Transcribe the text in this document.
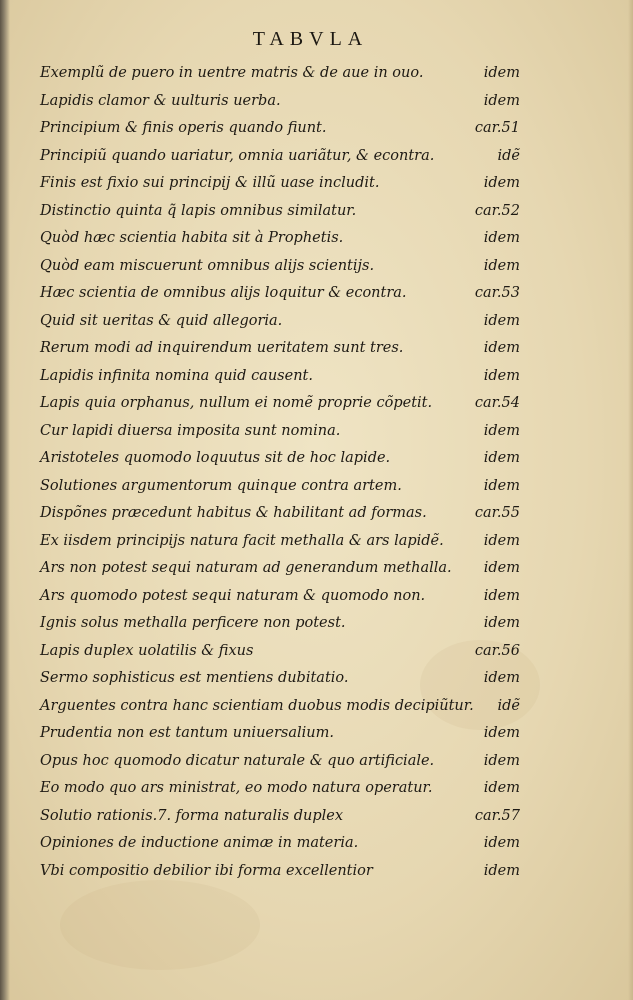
TABVLA
Exemplũ de puero in uentre matris & de aue in ouo.	idem
Lapidis clamor & uulturis uerba.	idem
Principium & finis operis quando fiunt.	car.51
Principiũ quando uariatur, omnia uariãtur, & econtra.	idẽ
Finis est fixio sui principij & illũ uase includit.	idem
Distinctio quinta q̃ lapis omnibus similatur.	car.52
Quòd hæc scientia habita sit à Prophetis.	idem
Quòd eam miscuerunt omnibus alijs scientijs.	idem
Hæc scientia de omnibus alijs loquitur & econtra.	car.53
Quid sit ueritas & quid allegoria.	idem
Rerum modi ad inquirendum ueritatem sunt tres.	idem
Lapidis infinita nomina quid causent.	idem
Lapis quia orphanus, nullum ei nomẽ proprie cõpetit.	car.54
Cur lapidi diuersa imposita sunt nomina.	idem
Aristoteles quomodo loquutus sit de hoc lapide.	idem
Solutiones argumentorum quinque contra artem.	idem
Dispõnes præcedunt habitus & habilitant ad formas.	car.55
Ex iisdem principijs natura facit methalla & ars lapidẽ.	idem
Ars non potest sequi naturam ad generandum methalla. idem
Ars quomodo potest sequi naturam & quomodo non.	idem
Ignis solus methalla perficere non potest.	idem
Lapis duplex uolatilis & fixus	car.56
Sermo sophisticus est mentiens dubitatio.	idem
Arguentes contra hanc scientiam duobus modis decipiũtur. idẽ
Prudentia non est tantum uniuersalium.	idem
Opus hoc quomodo dicatur naturale & quo artificiale.	idem
Eo modo quo ars ministrat, eo modo natura operatur.	idem
Solutio rationis.7. forma naturalis duplex	car.57
Opiniones de inductione animæ in materia.	idem
Vbi compositio debilior ibi forma excellentior	idem
